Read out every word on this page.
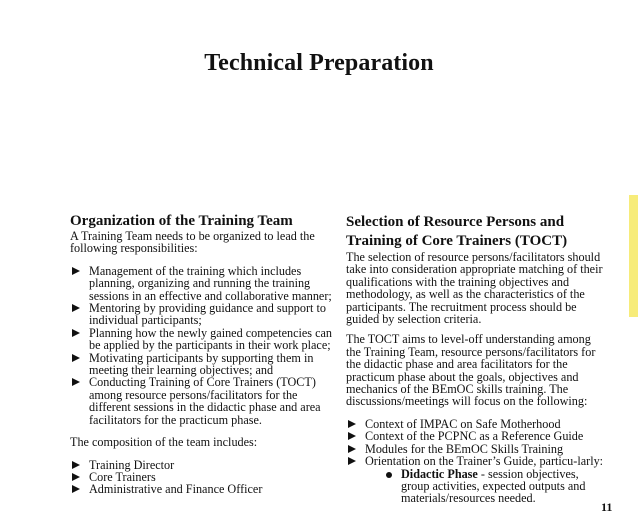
Technical Preparation
Organization of the Training Team

A Training Team needs to be organized to lead the following responsibilities:

Management of the training which includes planning, organizing and running the training sessions in an effective and collaborative manner;
Mentoring by providing guidance and support to individual participants;
Planning how the newly gained competencies can be applied by the participants in their work place;
Motivating participants by supporting them in meeting their learning objectives; and
Conducting Training of Core Trainers (TOCT) among resource persons/facilitators for the different sessions in the didactic phase and area facilitators for the practicum phase.

The composition of the team includes:

Training Director
Core Trainers
Administrative and Finance Officer
Selection of Resource Persons and Training of Core Trainers (TOCT)

The selection of resource persons/facilitators should take into consideration appropriate matching of their qualifications with the training objectives and methodology, as well as the characteristics of the participants. The recruitment process should be guided by selection criteria.

The TOCT aims to level-off understanding among the Training Team, resource persons/facilitators for the didactic phase and area facilitators for the practicum phase about the goals, objectives and mechanics of the BEmOC skills training. The discussions/meetings will focus on the following:

Context of IMPAC on Safe Motherhood
Context of the PCPNC as a Reference Guide
Modules for the BEmOC Skills Training
Orientation on the Trainer’s Guide, particu-larly:
Didactic Phase - session objectives, group activities, expected outputs and materials/resources needed.
11
